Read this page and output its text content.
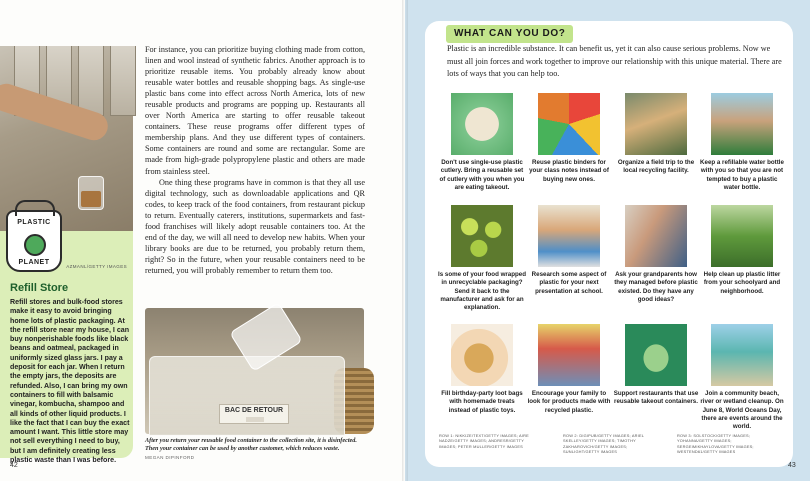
PLASTIC
PLANET
AZMANL/GETTY IMAGES
Refill Store
Refill stores and bulk-food stores make it easy to avoid bringing home lots of plastic packaging. At the refill store near my house, I can buy nonperishable foods like black beans and oatmeal, packaged in uniformly sized glass jars. I pay a deposit for each jar. When I return the empty jars, the deposits are refunded. Also, I can bring my own containers to fill with balsamic vinegar, kombucha, shampoo and all kinds of other liquid products. I like the fact that I can buy the exact amount I want. This little store may not sell everything I need to buy, but I am definitely creating less plastic waste than I was before.

For instance, you can prioritize buying clothing made from cotton, linen and wool instead of synthetic fabrics. Another approach is to prioritize reusable items. You probably already know about reusable water bottles and reusable shopping bags. As single-use plastic bans come into effect across North America, lots of new reusable products and programs are popping up. Restaurants all over North America are starting to offer reusable takeout containers. These reuse programs offer different types of membership plans. And they use different types of containers. Some containers are round and some are rectangular. Some are made from high-grade polypropylene plastic and others are made from stainless steel.

One thing these programs have in common is that they all use digital technology, such as downloadable applications and QR codes, to keep track of the food containers, from restaurant pickup to return. Eventually caterers, institutions, supermarkets and fast-food franchises will likely adopt reusable containers too. At the end of the day, we will all need to develop new habits. When your library books are due to be returned, you probably return them, right? So in the future, when your reusable containers need to be returned, you will probably remember to return them too.

BAC DE RETOUR
After you return your reusable food container to the collection site, it is disinfected. Then your container can be used by another customer, which reduces waste.
MEGAN DIPINFORD
42
WHAT CAN YOU DO?
Plastic is an incredible substance. It can benefit us, yet it can also cause serious problems. Now we must all join forces and work together to improve our relationship with this unique material. There are lots of ways that you can help too.
Don't use single-use plastic cutlery. Bring a reusable set of cutlery with you when you are eating takeout.
Reuse plastic binders for your class notes instead of buying new ones.
Organize a field trip to the local recycling facility.
Keep a refillable water bottle with you so that you are not tempted to buy a plastic water bottle.
Is some of your food wrapped in unrecyclable packaging? Send it back to the manufacturer and ask for an explanation.
Research some aspect of plastic for your next presentation at school.
Ask your grandparents how they managed before plastic existed. Do they have any good ideas?
Help clean up plastic litter from your schoolyard and neighborhood.
Fill birthday-party loot bags with homemade treats instead of plastic toys.
Encourage your family to look for products made with recycled plastic.
Support restaurants that use reusable takeout containers.
Join a community beach, river or wetland cleanup. On June 8, World Oceans Day, there are events around the world.
ROW 1: NIKKIZE/TEXT/GETTY IMAGES; AIRE NADZE/GETTY IMAGES; ANDRESR/GETTY IMAGES; PETER MULLER/GETTY IMAGES
ROW 2: DIGIPUB/GETTY IMAGES; ARIEL SKELLEY/GETTY IMAGES; TIMOTHY ZAKHAROVICH/GETTY IMAGES; SUNLIGHT/GETTY IMAGES
ROW 3: SOLSTOCK/GETTY IMAGES; YOHANNA/GETTY IMAGES; SERGEIMIKHAYLOVA/GETTY IMAGES; WESTEND61/GETTY IMAGES
43
